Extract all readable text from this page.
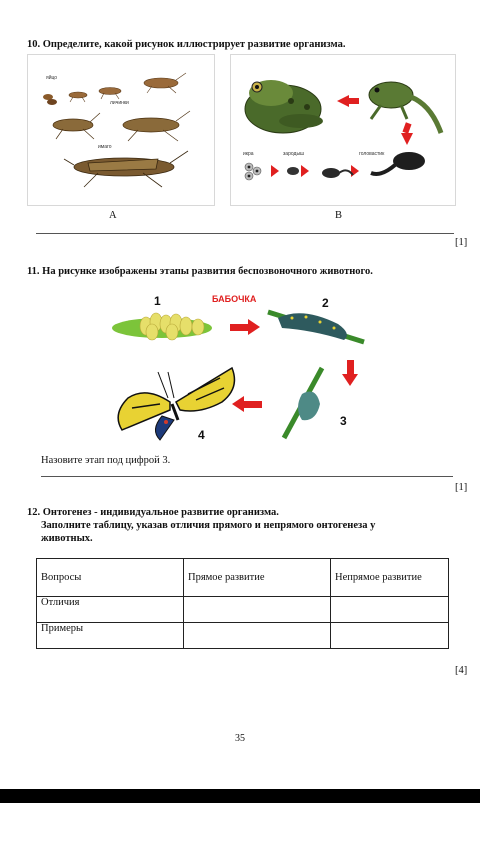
10. Определите, какой рисунок иллюстрирует развитие организма.
яйцо
личинки
имаго
икра	зародыш	головастик
A	B
[1]
11. На рисунке изображены этапы развития беспозвоночного животного.
1	БАБОЧКА	2
3
4
Назовите этап под цифрой 3.
[1]
12. Онтогенез - индивидуальное развитие организма.
Заполните таблицу, указав отличия прямого и непрямого онтогенеза у
животных.
Вопросы	Прямое развитие	Непрямое развитие
Отличия		
Примеры		
[4]
35
